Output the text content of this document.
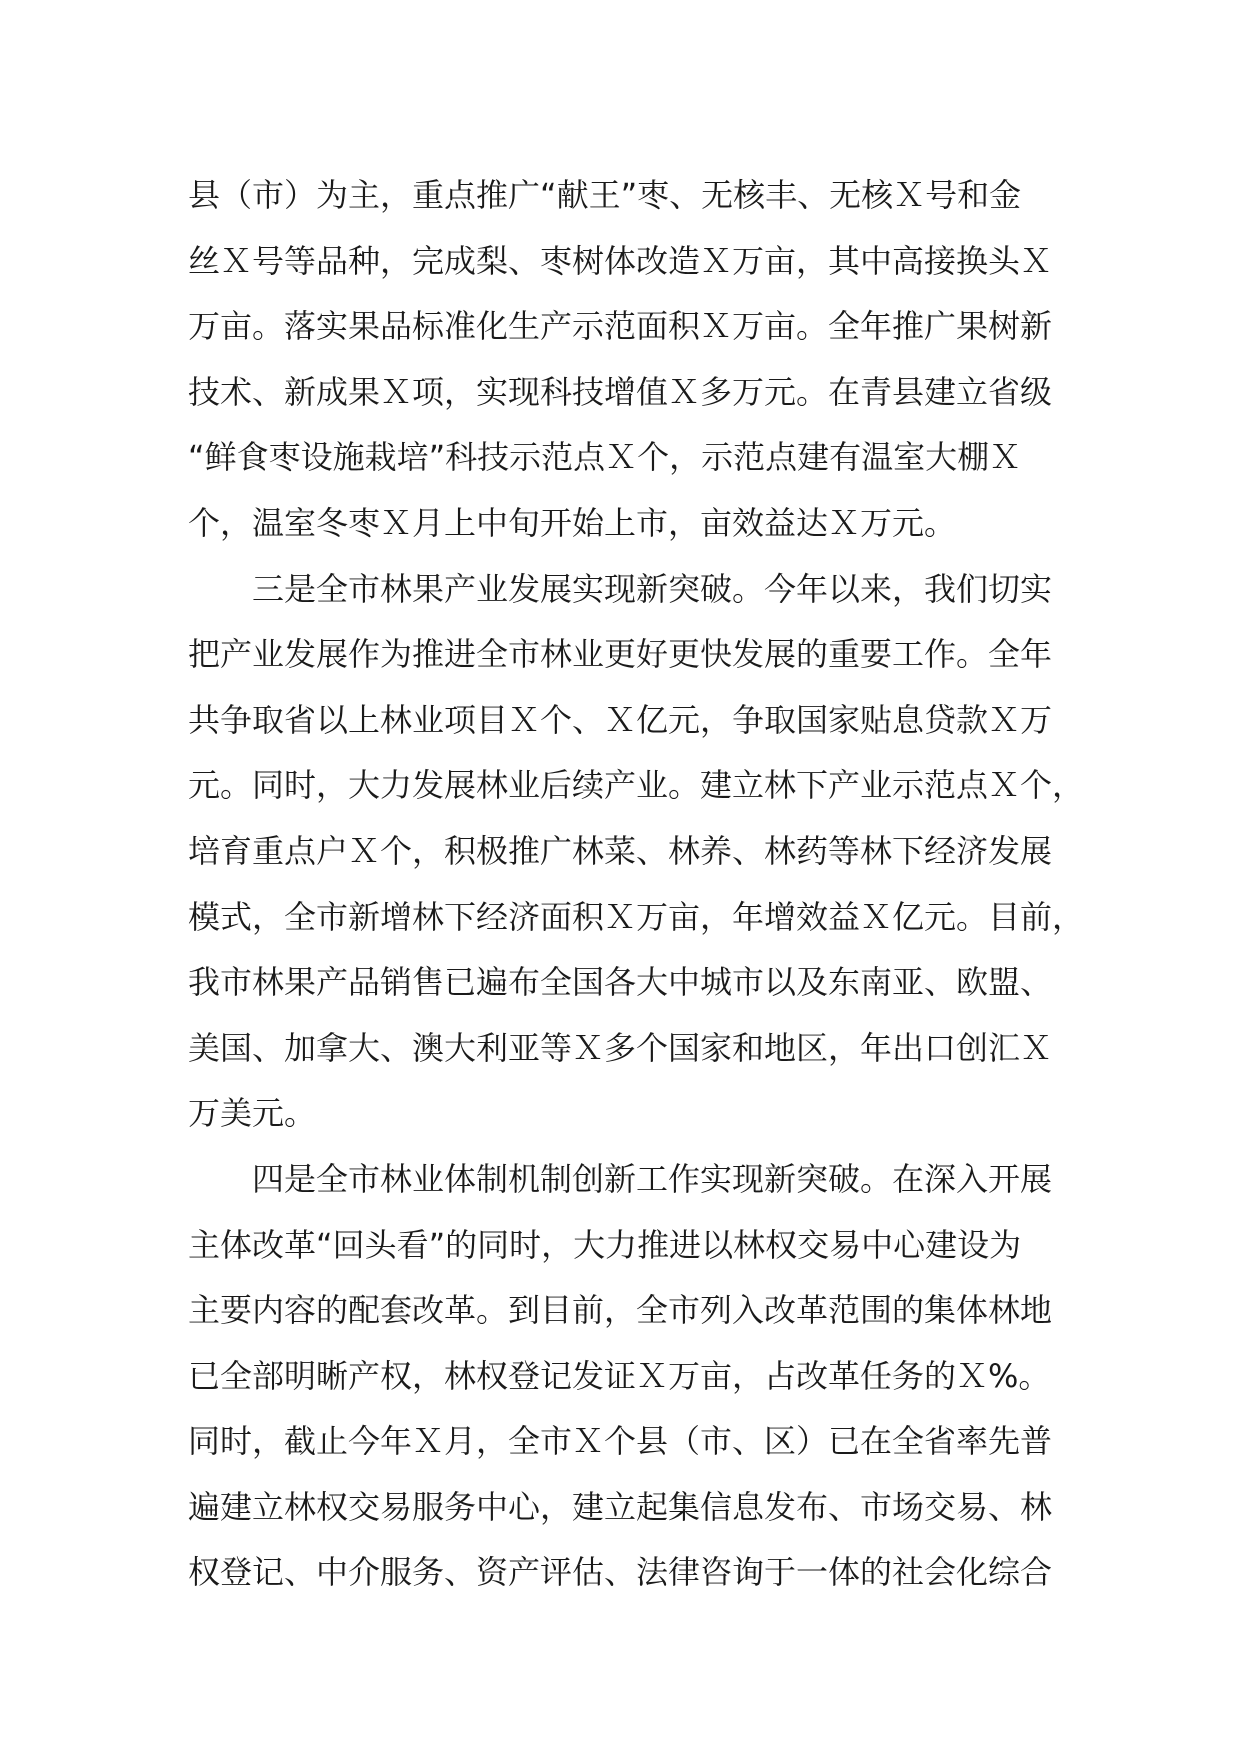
县（市）为主，重点推广“献王”枣、无核丰、无核Ｘ号和金
丝Ｘ号等品种，完成梨、枣树体改造Ｘ万亩，其中高接换头Ｘ
万亩。落实果品标准化生产示范面积Ｘ万亩。全年推广果树新
技术、新成果Ｘ项，实现科技增值Ｘ多万元。在青县建立省级
“鲜食枣设施栽培”科技示范点Ｘ个，示范点建有温室大棚Ｘ
个，温室冬枣Ｘ月上中旬开始上市，亩效益达Ｘ万元。
　　三是全市林果产业发展实现新突破。今年以来，我们切实
把产业发展作为推进全市林业更好更快发展的重要工作。全年
共争取省以上林业项目Ｘ个、Ｘ亿元，争取国家贴息贷款Ｘ万
元。同时，大力发展林业后续产业。建立林下产业示范点Ｘ个，
培育重点户Ｘ个，积极推广林菜、林养、林药等林下经济发展
模式，全市新增林下经济面积Ｘ万亩，年增效益Ｘ亿元。目前，
我市林果产品销售已遍布全国各大中城市以及东南亚、欧盟、
美国、加拿大、澳大利亚等Ｘ多个国家和地区，年出口创汇Ｘ
万美元。
　　四是全市林业体制机制创新工作实现新突破。在深入开展
主体改革“回头看”的同时，大力推进以林权交易中心建设为
主要内容的配套改革。到目前，全市列入改革范围的集体林地
已全部明晰产权，林权登记发证Ｘ万亩，占改革任务的Ｘ%。
同时，截止今年Ｘ月，全市Ｘ个县（市、区）已在全省率先普
遍建立林权交易服务中心，建立起集信息发布、市场交易、林
权登记、中介服务、资产评估、法律咨询于一体的社会化综合
